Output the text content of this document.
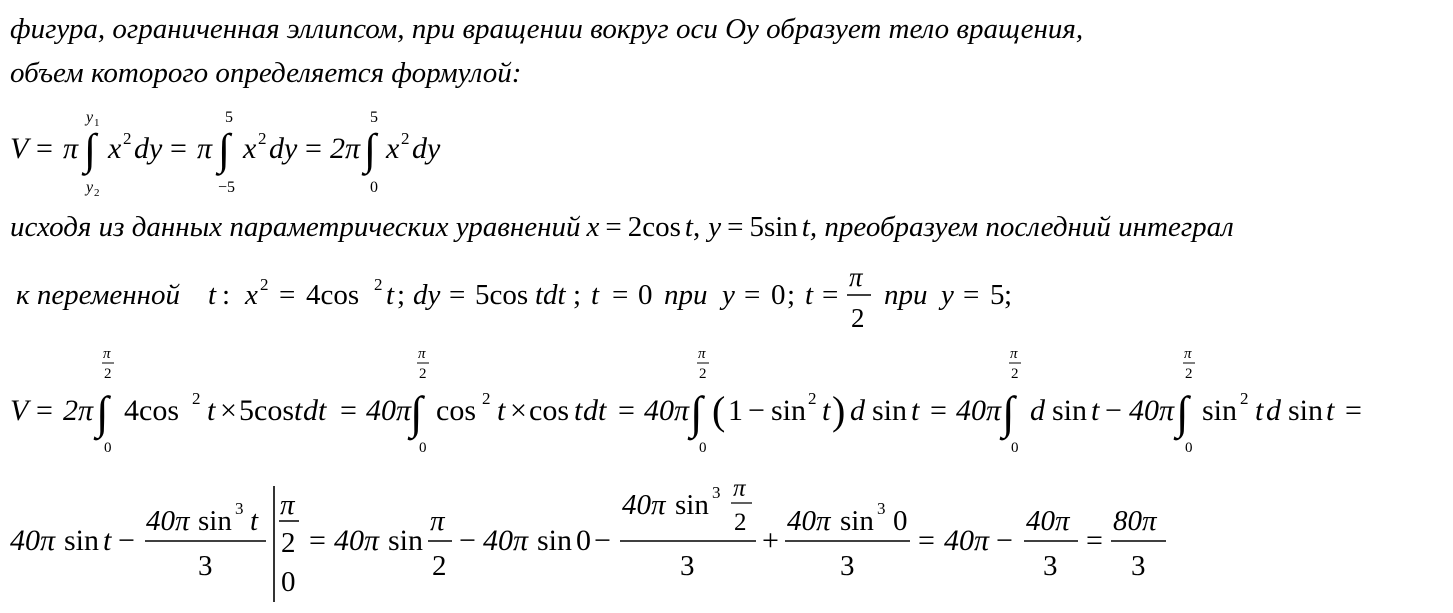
фигура, ограниченная эллипсом, при вращении вокруг оси Oy образует тело вращения,
объем которого определяется формулой:
V = π ∫
y 1
y 2
x 2 dy = π ∫
5
−5
x 2 dy = 2π ∫
5
0
x 2 dy
исходя из данных параметрических уравнений x = 2cos t, y = 5sin t, преобразуем последний интеграл
к переменной t : x 2 = 4cos 2 t ; dy = 5cos dt
t ; t = 0 при y = 0 ; t =
π
2
при y = 5 ;
V = 2π ∫
π
2
0
4cos 2 t × 5cos t dt = 40π
∫
π
2
0
cos 2 t × cos t dt = 40π ∫
π
2
0
( 1 − sin 2 t ) d sin t = 40π ∫
π
2
0
d sin t − 40π ∫
π
2
0
sin 2 t d sin t =
40π sin t −
40π sin 3 t
3
π
2
0
= 40π sin
π
2
− 40π sin 0 −
40π sin 3 π
2
3
+
40π sin 3 0
3
= 40π −
40π
3
=
80π
3
